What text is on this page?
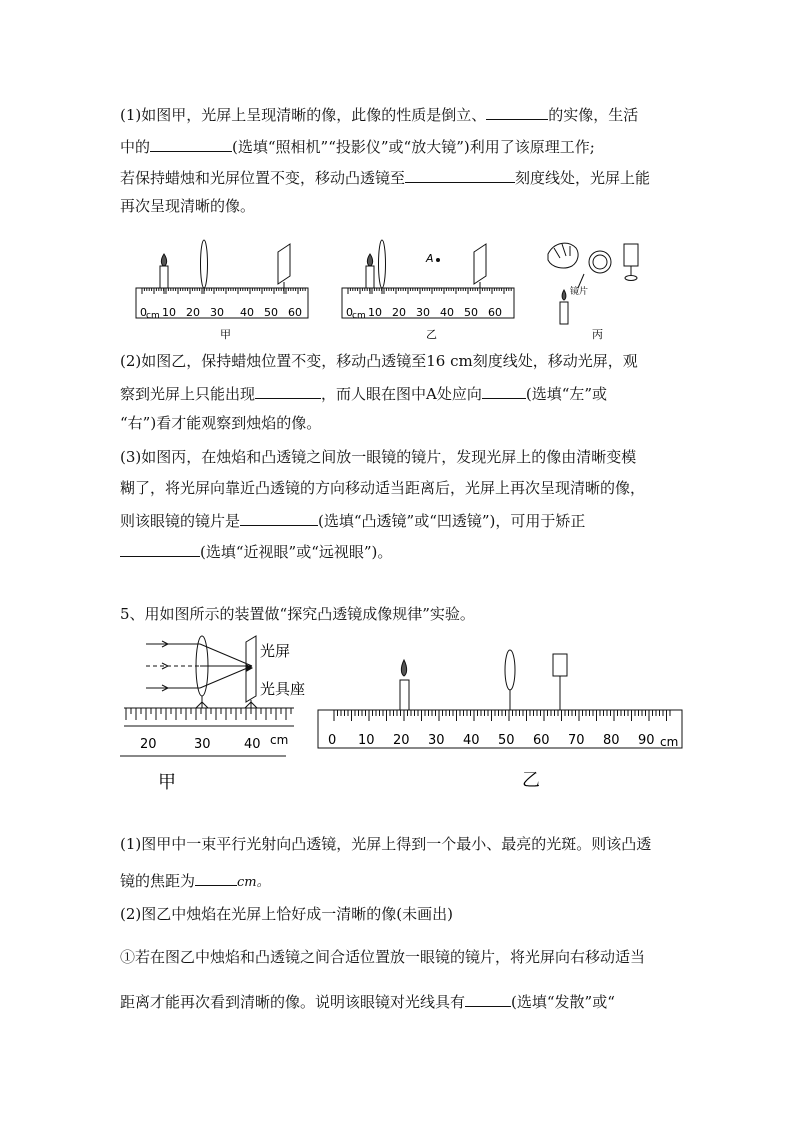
(1)如图甲，光屏上呈现清晰的像，此像的性质是倒立、	的实像，生活
中的	(选填“照相机”“投影仪”或“放大镜”)利用了该原理工作;
若保持蜡烛和光屏位置不变，移动凸透镜至	刻度线处，光屏上能
再次呈现清晰的像。
0 cm 10 20 30 40 50 60
甲
A
0 cm 10 20 30 40 50 60
乙
镜片
丙
(2)如图乙，保持蜡烛位置不变，移动凸透镜至16 cm刻度线处，移动光屏，观
察到光屏上只能出现	，而人眼在图中A处应向	(选填“左”或
“右”)看才能观察到烛焰的像。
(3)如图丙，在烛焰和凸透镜之间放一眼镜的镜片，发现光屏上的像由清晰变模
糊了，将光屏向靠近凸透镜的方向移动适当距离后，光屏上再次呈现清晰的像，
则该眼镜的镜片是	(选填“凸透镜”或“凹透镜”)，可用于矫正
(选填“近视眼”或“远视眼”)。
5、用如图所示的装置做“探究凸透镜成像规律”实验。
光屏
光具座
20	30	40 cm
甲
0 10 20 30 40 50 60 70 80 90 cm
乙
(1)图甲中一束平行光射向凸透镜，光屏上得到一个最小、最亮的光斑。则该凸透
镜的焦距为	cm。
(2)图乙中烛焰在光屏上恰好成一清晰的像(未画出)
①若在图乙中烛焰和凸透镜之间合适位置放一眼镜的镜片，将光屏向右移动适当
距离才能再次看到清晰的像。说明该眼镜对光线具有	(选填“发散”或“
